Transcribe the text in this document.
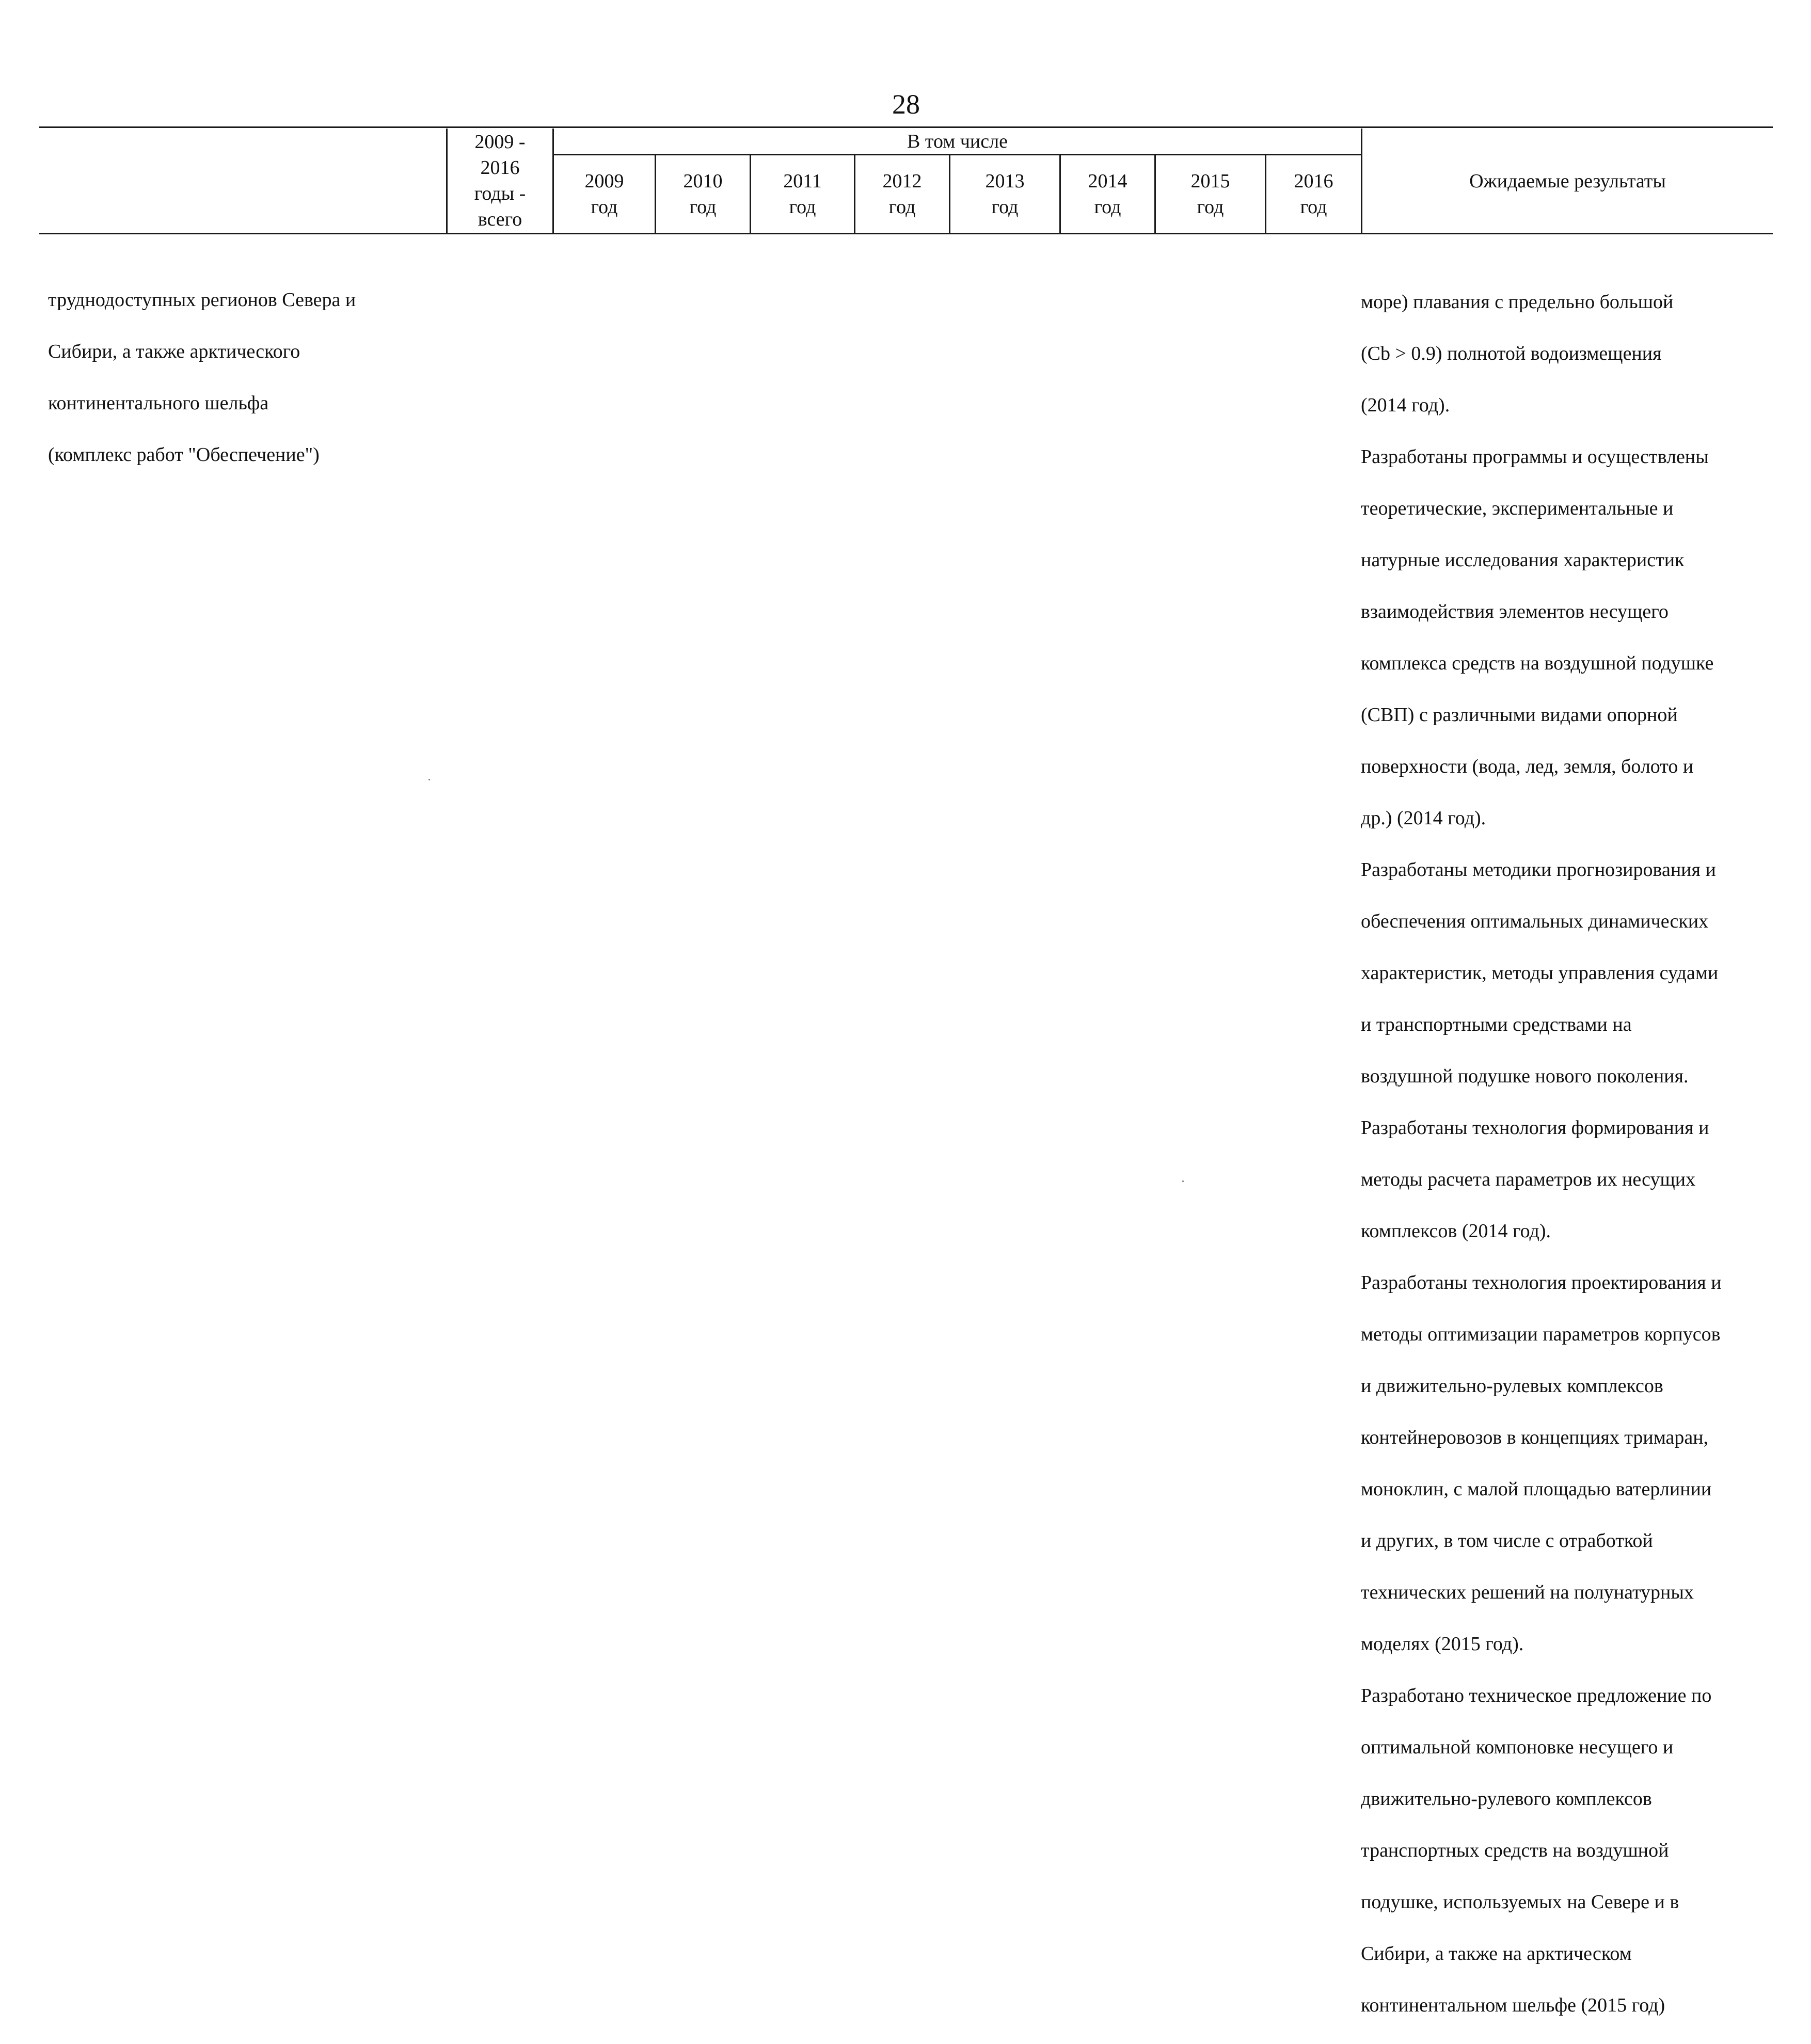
28
2009 -
2016
годы -
всего
В том числе
2009
год
2010
год
2011
год
2012
год
2013
год
2014
год
2015
год
2016
год
Ожидаемые результаты

труднодоступных регионов Севера и

Сибири, а также арктического

континентального шельфа

(комплекс работ "Обеспечение")

море) плавания с предельно большой

(Cb > 0.9) полнотой водоизмещения

(2014 год).

Разработаны программы и осуществлены

теоретические, экспериментальные и

натурные исследования характеристик

взаимодействия элементов несущего

комплекса средств на воздушной подушке

(СВП) с различными видами опорной

поверхности (вода, лед, земля, болото и

др.) (2014 год).

Разработаны методики прогнозирования и

обеспечения оптимальных динамических

характеристик, методы управления судами

и транспортными средствами на

воздушной подушке нового поколения.

Разработаны технология формирования и

методы расчета параметров их несущих

комплексов (2014 год).

Разработаны технология проектирования и

методы оптимизации параметров корпусов

и движительно-рулевых комплексов

контейнеровозов в концепциях тримаран,

моноклин, с малой площадью ватерлинии

и других, в том числе с отработкой

технических решений на полунатурных

моделях (2015 год).

Разработано техническое предложение по

оптимальной компоновке несущего и

движительно-рулевого комплексов

транспортных средств на воздушной

подушке, используемых на Севере и в

Сибири, а также на арктическом

континентальном шельфе (2015 год)
